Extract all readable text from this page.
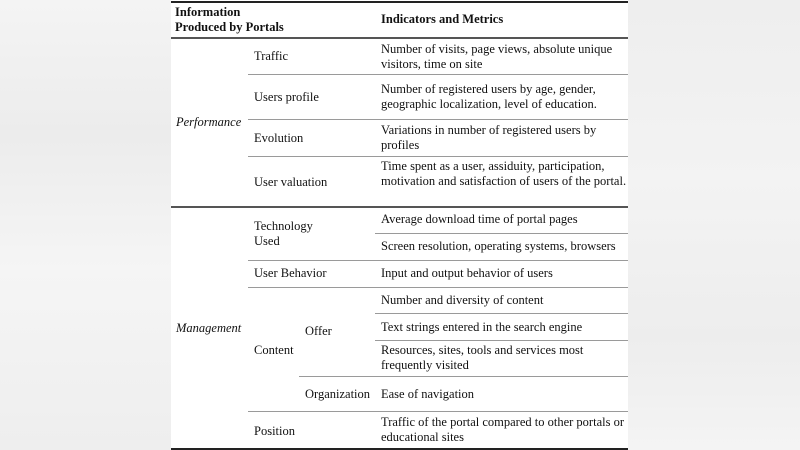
Information
Produced by Portals
Indicators and Metrics
Performance
Traffic	Number of visits, page views, absolute unique visitors, time on site
Users profile
Number of registered users by age, gender, geographic localization, level of education.
Evolution
Variations in number of registered users by profiles
User valuation
Time spent as a user, assiduity, participation, motivation and satisfaction of users of the portal.
Management
Technology Used
Average download time of portal pages
Screen resolution, operating systems, browsers
User Behavior	Input and output behavior of users
Content
Offer
Number and diversity of content
Text strings entered in the search engine
Resources, sites, tools and services most frequently visited
Organization Ease of navigation
Position
Traffic of the portal compared to other portals or educational sites
